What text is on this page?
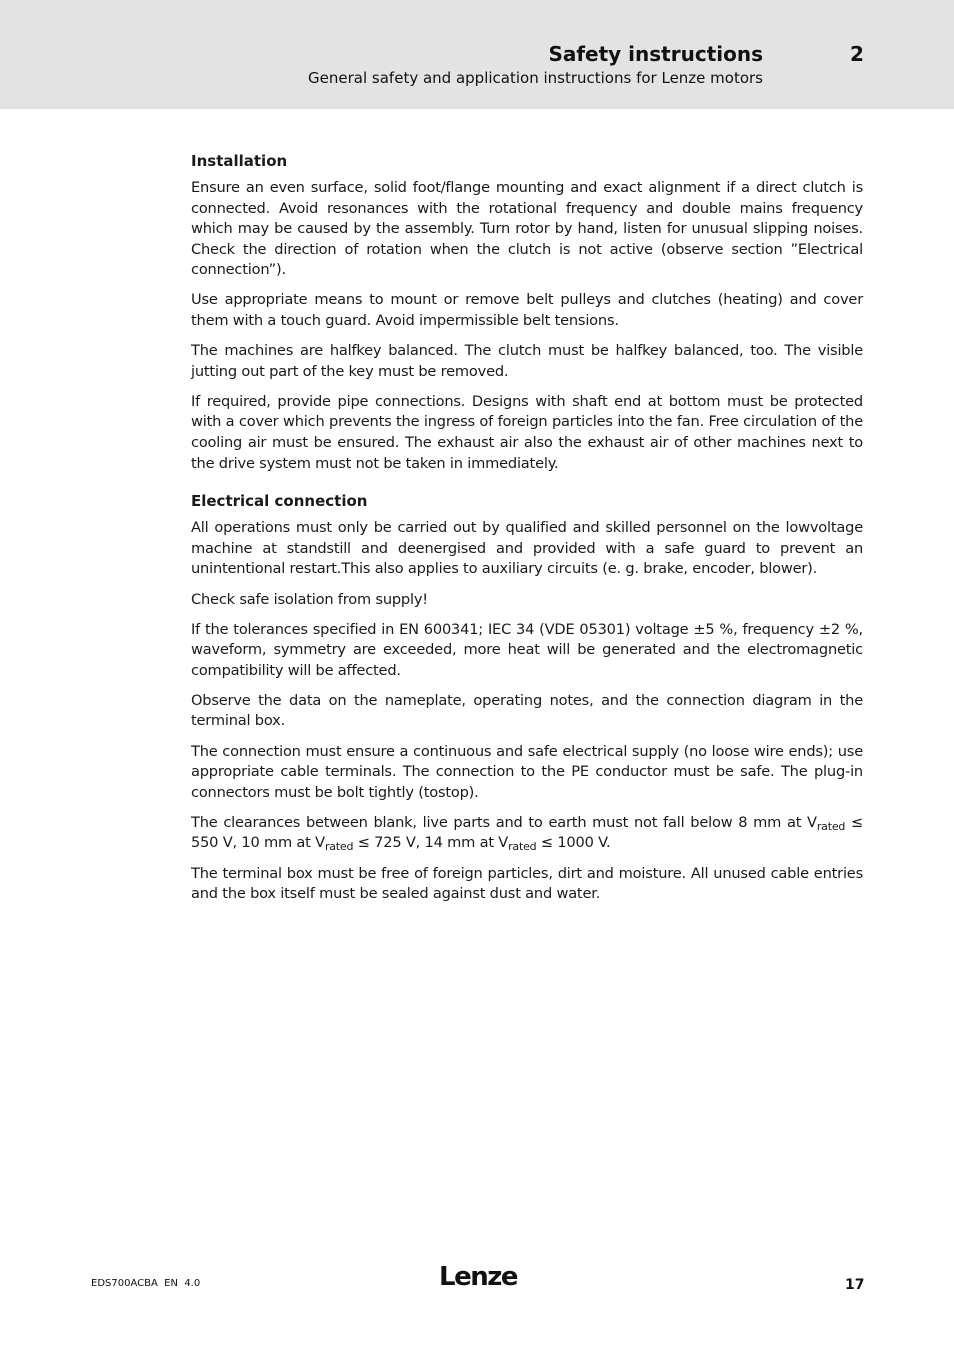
Safety instructions	2
General safety and application instructions for Lenze motors
Installation

Ensure an even surface, solid foot/flange mounting and exact alignment if a direct clutch is connected. Avoid resonances with the rotational frequency and double mains frequency which may be caused by the assembly. Turn rotor by hand, listen for unusual slipping noises. Check the direction of rotation when the clutch is not active (observe section ”Electrical connection”).

Use appropriate means to mount or remove belt pulleys and clutches (heating) and cover them with a touch guard. Avoid impermissible belt tensions.

The machines are halfkey balanced. The clutch must be halfkey balanced, too. The visible jutting out part of the key must be removed.

If required, provide pipe connections. Designs with shaft end at bottom must be protected with a cover which prevents the ingress of foreign particles into the fan. Free circulation of the cooling air must be ensured. The exhaust air also the exhaust air of other machines next to the drive system must not be taken in immediately.

Electrical connection

All operations must only be carried out by qualified and skilled personnel on the lowvoltage machine at standstill and deenergised and provided with a safe guard to prevent an unintentional restart.This also applies to auxiliary circuits (e. g. brake, encoder, blower).

Check safe isolation from supply!

If the tolerances specified in EN 600341; IEC 34 (VDE 05301) voltage ±5 %, frequency ±2 %, waveform, symmetry are exceeded, more heat will be generated and the electromagnetic compatibility will be affected.

Observe the data on the nameplate, operating notes, and the connection diagram in the terminal box.

The connection must ensure a continuous and safe electrical supply (no loose wire ends); use appropriate cable terminals. The connection to the PE conductor must be safe. The plug-in connectors must be bolt tightly (tostop).

The clearances between blank, live parts and to earth must not fall below 8 mm at $V_{rated} \le 550$ V, 10 mm at $V_{rated} \le 725$ V, 14 mm at $V_{rated} \le 1000$ V.

The terminal box must be free of foreign particles, dirt and moisture. All unused cable entries and the box itself must be sealed against dust and water.

EDS700ACBA  EN  4.0	Lenze	17
